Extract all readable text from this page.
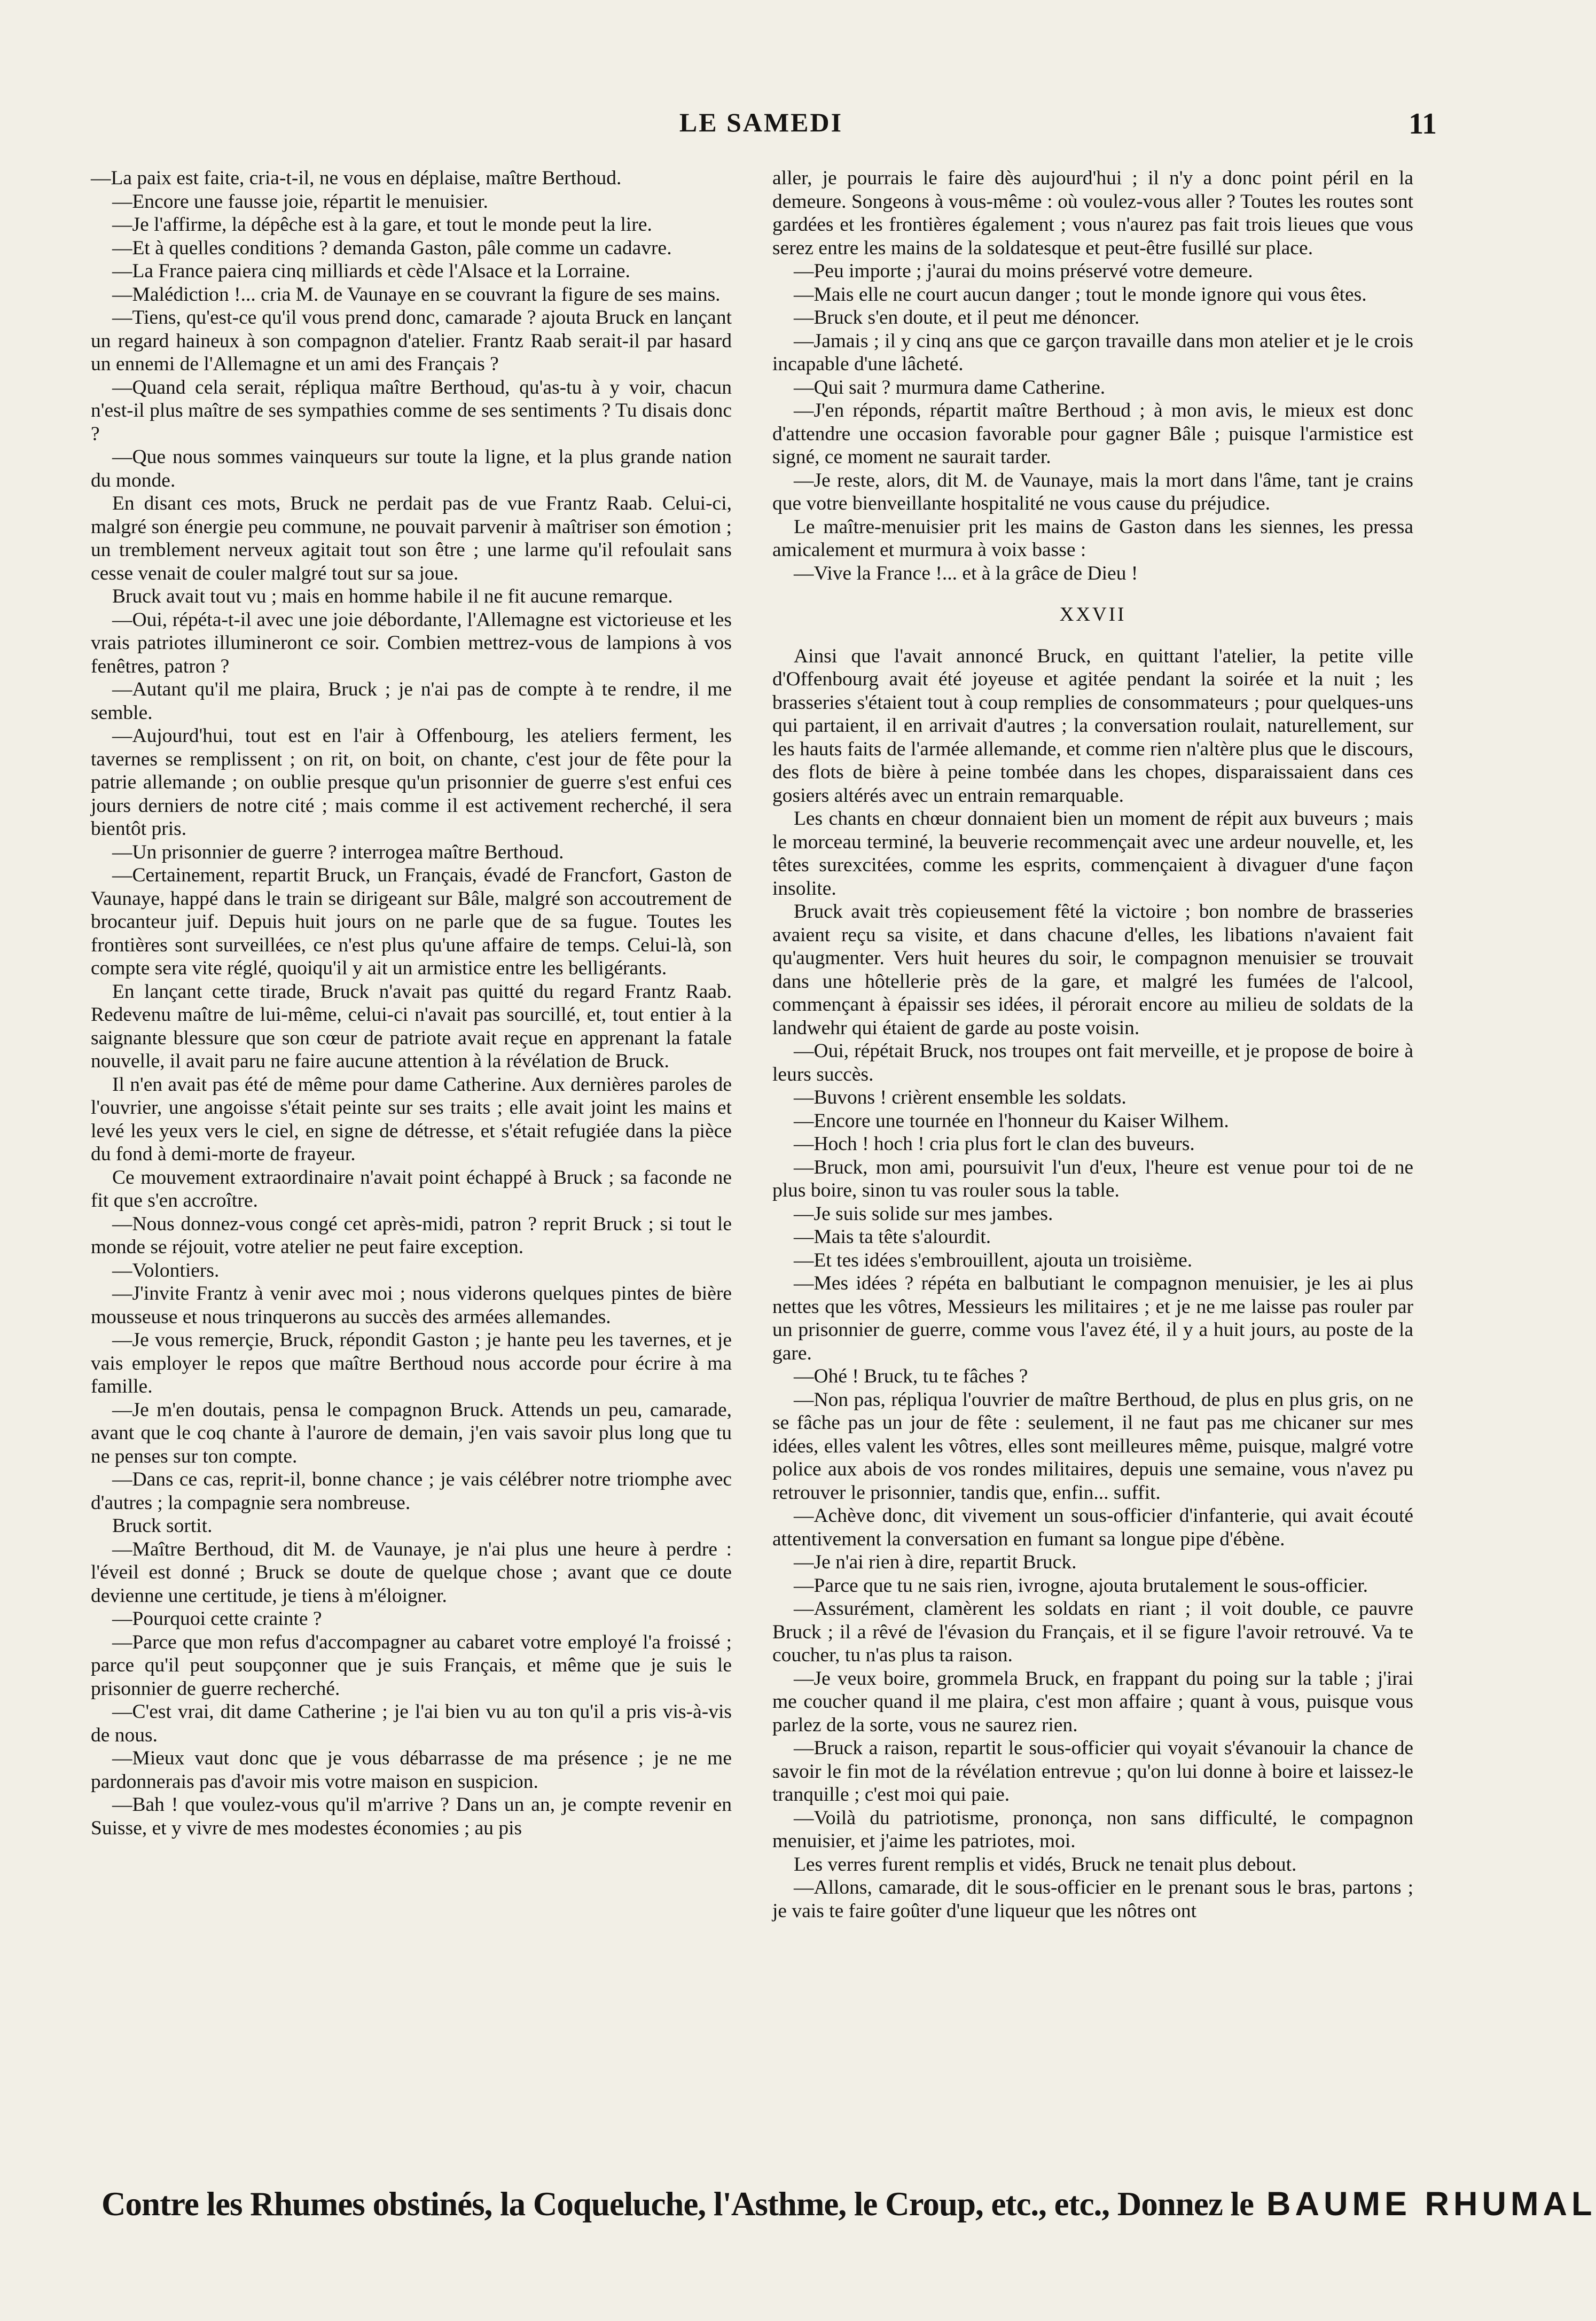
LE SAMEDI	11

—La paix est faite, cria-t-il, ne vous en déplaise, maître Berthoud.

—Encore une fausse joie, répartit le menuisier.

—Je l'affirme, la dépêche est à la gare, et tout le monde peut la lire.

—Et à quelles conditions ? demanda Gaston, pâle comme un cadavre.

—La France paiera cinq milliards et cède l'Alsace et la Lorraine.

—Malédiction !... cria M. de Vaunaye en se couvrant la figure de ses mains.

—Tiens, qu'est-ce qu'il vous prend donc, camarade ? ajouta Bruck en lançant un regard haineux à son compagnon d'atelier. Frantz Raab serait-il par hasard un ennemi de l'Allemagne et un ami des Français ?

—Quand cela serait, répliqua maître Berthoud, qu'as-tu à y voir, chacun n'est-il plus maître de ses sympathies comme de ses sentiments ? Tu disais donc ?

—Que nous sommes vainqueurs sur toute la ligne, et la plus grande nation du monde.

En disant ces mots, Bruck ne perdait pas de vue Frantz Raab. Celui-ci, malgré son énergie peu commune, ne pouvait parvenir à maîtriser son émotion ; un tremblement nerveux agitait tout son être ; une larme qu'il refoulait sans cesse venait de couler malgré tout sur sa joue.

Bruck avait tout vu ; mais en homme habile il ne fit aucune remarque.

—Oui, répéta-t-il avec une joie débordante, l'Allemagne est victorieuse et les vrais patriotes illumineront ce soir. Combien mettrez-vous de lampions à vos fenêtres, patron ?

—Autant qu'il me plaira, Bruck ; je n'ai pas de compte à te rendre, il me semble.

—Aujourd'hui, tout est en l'air à Offenbourg, les ateliers ferment, les tavernes se remplissent ; on rit, on boit, on chante, c'est jour de fête pour la patrie allemande ; on oublie presque qu'un prisonnier de guerre s'est enfui ces jours derniers de notre cité ; mais comme il est activement recherché, il sera bientôt pris.

—Un prisonnier de guerre ? interrogea maître Berthoud.

—Certainement, repartit Bruck, un Français, évadé de Francfort, Gaston de Vaunaye, happé dans le train se dirigeant sur Bâle, malgré son accoutrement de brocanteur juif. Depuis huit jours on ne parle que de sa fugue. Toutes les frontières sont surveillées, ce n'est plus qu'une affaire de temps. Celui-là, son compte sera vite réglé, quoiqu'il y ait un armistice entre les belligérants.

En lançant cette tirade, Bruck n'avait pas quitté du regard Frantz Raab. Redevenu maître de lui-même, celui-ci n'avait pas sourcillé, et, tout entier à la saignante blessure que son cœur de patriote avait reçue en apprenant la fatale nouvelle, il avait paru ne faire aucune attention à la révélation de Bruck.

Il n'en avait pas été de même pour dame Catherine. Aux dernières paroles de l'ouvrier, une angoisse s'était peinte sur ses traits ; elle avait joint les mains et levé les yeux vers le ciel, en signe de détresse, et s'était refugiée dans la pièce du fond à demi-morte de frayeur.

Ce mouvement extraordinaire n'avait point échappé à Bruck ; sa faconde ne fit que s'en accroître.

—Nous donnez-vous congé cet après-midi, patron ? reprit Bruck ; si tout le monde se réjouit, votre atelier ne peut faire exception.

—Volontiers.

—J'invite Frantz à venir avec moi ; nous viderons quelques pintes de bière mousseuse et nous trinquerons au succès des armées allemandes.

—Je vous remerçie, Bruck, répondit Gaston ; je hante peu les tavernes, et je vais employer le repos que maître Berthoud nous accorde pour écrire à ma famille.

—Je m'en doutais, pensa le compagnon Bruck. Attends un peu, camarade, avant que le coq chante à l'aurore de demain, j'en vais savoir plus long que tu ne penses sur ton compte.

—Dans ce cas, reprit-il, bonne chance ; je vais célébrer notre triomphe avec d'autres ; la compagnie sera nombreuse.

Bruck sortit.

—Maître Berthoud, dit M. de Vaunaye, je n'ai plus une heure à perdre : l'éveil est donné ; Bruck se doute de quelque chose ; avant que ce doute devienne une certitude, je tiens à m'éloigner.

—Pourquoi cette crainte ?

—Parce que mon refus d'accompagner au cabaret votre employé l'a froissé ; parce qu'il peut soupçonner que je suis Français, et même que je suis le prisonnier de guerre recherché.

—C'est vrai, dit dame Catherine ; je l'ai bien vu au ton qu'il a pris vis-à-vis de nous.

—Mieux vaut donc que je vous débarrasse de ma présence ; je ne me pardonnerais pas d'avoir mis votre maison en suspicion.

—Bah ! que voulez-vous qu'il m'arrive ? Dans un an, je compte revenir en Suisse, et y vivre de mes modestes économies ; au pis

aller, je pourrais le faire dès aujourd'hui ; il n'y a donc point péril en la demeure. Songeons à vous-même : où voulez-vous aller ? Toutes les routes sont gardées et les frontières également ; vous n'aurez pas fait trois lieues que vous serez entre les mains de la soldatesque et peut-être fusillé sur place.

—Peu importe ; j'aurai du moins préservé votre demeure.

—Mais elle ne court aucun danger ; tout le monde ignore qui vous êtes.

—Bruck s'en doute, et il peut me dénoncer.

—Jamais ; il y cinq ans que ce garçon travaille dans mon atelier et je le crois incapable d'une lâcheté.

—Qui sait ? murmura dame Catherine.

—J'en réponds, répartit maître Berthoud ; à mon avis, le mieux est donc d'attendre une occasion favorable pour gagner Bâle ; puisque l'armistice est signé, ce moment ne saurait tarder.

—Je reste, alors, dit M. de Vaunaye, mais la mort dans l'âme, tant je crains que votre bienveillante hospitalité ne vous cause du préjudice.

Le maître-menuisier prit les mains de Gaston dans les siennes, les pressa amicalement et murmura à voix basse :

—Vive la France !... et à la grâce de Dieu !

XXVII

Ainsi que l'avait annoncé Bruck, en quittant l'atelier, la petite ville d'Offenbourg avait été joyeuse et agitée pendant la soirée et la nuit ; les brasseries s'étaient tout à coup remplies de consommateurs ; pour quelques-uns qui partaient, il en arrivait d'autres ; la conversation roulait, naturellement, sur les hauts faits de l'armée allemande, et comme rien n'altère plus que le discours, des flots de bière à peine tombée dans les chopes, disparaissaient dans ces gosiers altérés avec un entrain remarquable.

Les chants en chœur donnaient bien un moment de répit aux buveurs ; mais le morceau terminé, la beuverie recommençait avec une ardeur nouvelle, et, les têtes surexcitées, comme les esprits, commençaient à divaguer d'une façon insolite.

Bruck avait très copieusement fêté la victoire ; bon nombre de brasseries avaient reçu sa visite, et dans chacune d'elles, les libations n'avaient fait qu'augmenter. Vers huit heures du soir, le compagnon menuisier se trouvait dans une hôtellerie près de la gare, et malgré les fumées de l'alcool, commençant à épaissir ses idées, il pérorait encore au milieu de soldats de la landwehr qui étaient de garde au poste voisin.

—Oui, répétait Bruck, nos troupes ont fait merveille, et je propose de boire à leurs succès.

—Buvons ! crièrent ensemble les soldats.

—Encore une tournée en l'honneur du Kaiser Wilhem.

—Hoch ! hoch ! cria plus fort le clan des buveurs.

—Bruck, mon ami, poursuivit l'un d'eux, l'heure est venue pour toi de ne plus boire, sinon tu vas rouler sous la table.

—Je suis solide sur mes jambes.

—Mais ta tête s'alourdit.

—Et tes idées s'embrouillent, ajouta un troisième.

—Mes idées ? répéta en balbutiant le compagnon menuisier, je les ai plus nettes que les vôtres, Messieurs les militaires ; et je ne me laisse pas rouler par un prisonnier de guerre, comme vous l'avez été, il y a huit jours, au poste de la gare.

—Ohé ! Bruck, tu te fâches ?

—Non pas, répliqua l'ouvrier de maître Berthoud, de plus en plus gris, on ne se fâche pas un jour de fête : seulement, il ne faut pas me chicaner sur mes idées, elles valent les vôtres, elles sont meilleures même, puisque, malgré votre police aux abois de vos rondes militaires, depuis une semaine, vous n'avez pu retrouver le prisonnier, tandis que, enfin... suffit.

—Achève donc, dit vivement un sous-officier d'infanterie, qui avait écouté attentivement la conversation en fumant sa longue pipe d'ébène.

—Je n'ai rien à dire, repartit Bruck.

—Parce que tu ne sais rien, ivrogne, ajouta brutalement le sous-officier.

—Assurément, clamèrent les soldats en riant ; il voit double, ce pauvre Bruck ; il a rêvé de l'évasion du Français, et il se figure l'avoir retrouvé. Va te coucher, tu n'as plus ta raison.

—Je veux boire, grommela Bruck, en frappant du poing sur la table ; j'irai me coucher quand il me plaira, c'est mon affaire ; quant à vous, puisque vous parlez de la sorte, vous ne saurez rien.

—Bruck a raison, repartit le sous-officier qui voyait s'évanouir la chance de savoir le fin mot de la révélation entrevue ; qu'on lui donne à boire et laissez-le tranquille ; c'est moi qui paie.

—Voilà du patriotisme, prononça, non sans difficulté, le compagnon menuisier, et j'aime les patriotes, moi.

Les verres furent remplis et vidés, Bruck ne tenait plus debout.

—Allons, camarade, dit le sous-officier en le prenant sous le bras, partons ; je vais te faire goûter d'une liqueur que les nôtres ont

Contre les Rhumes obstinés, la Coqueluche, l'Asthme, le Croup, etc., etc., Donnez le BAUME RHUMAL
